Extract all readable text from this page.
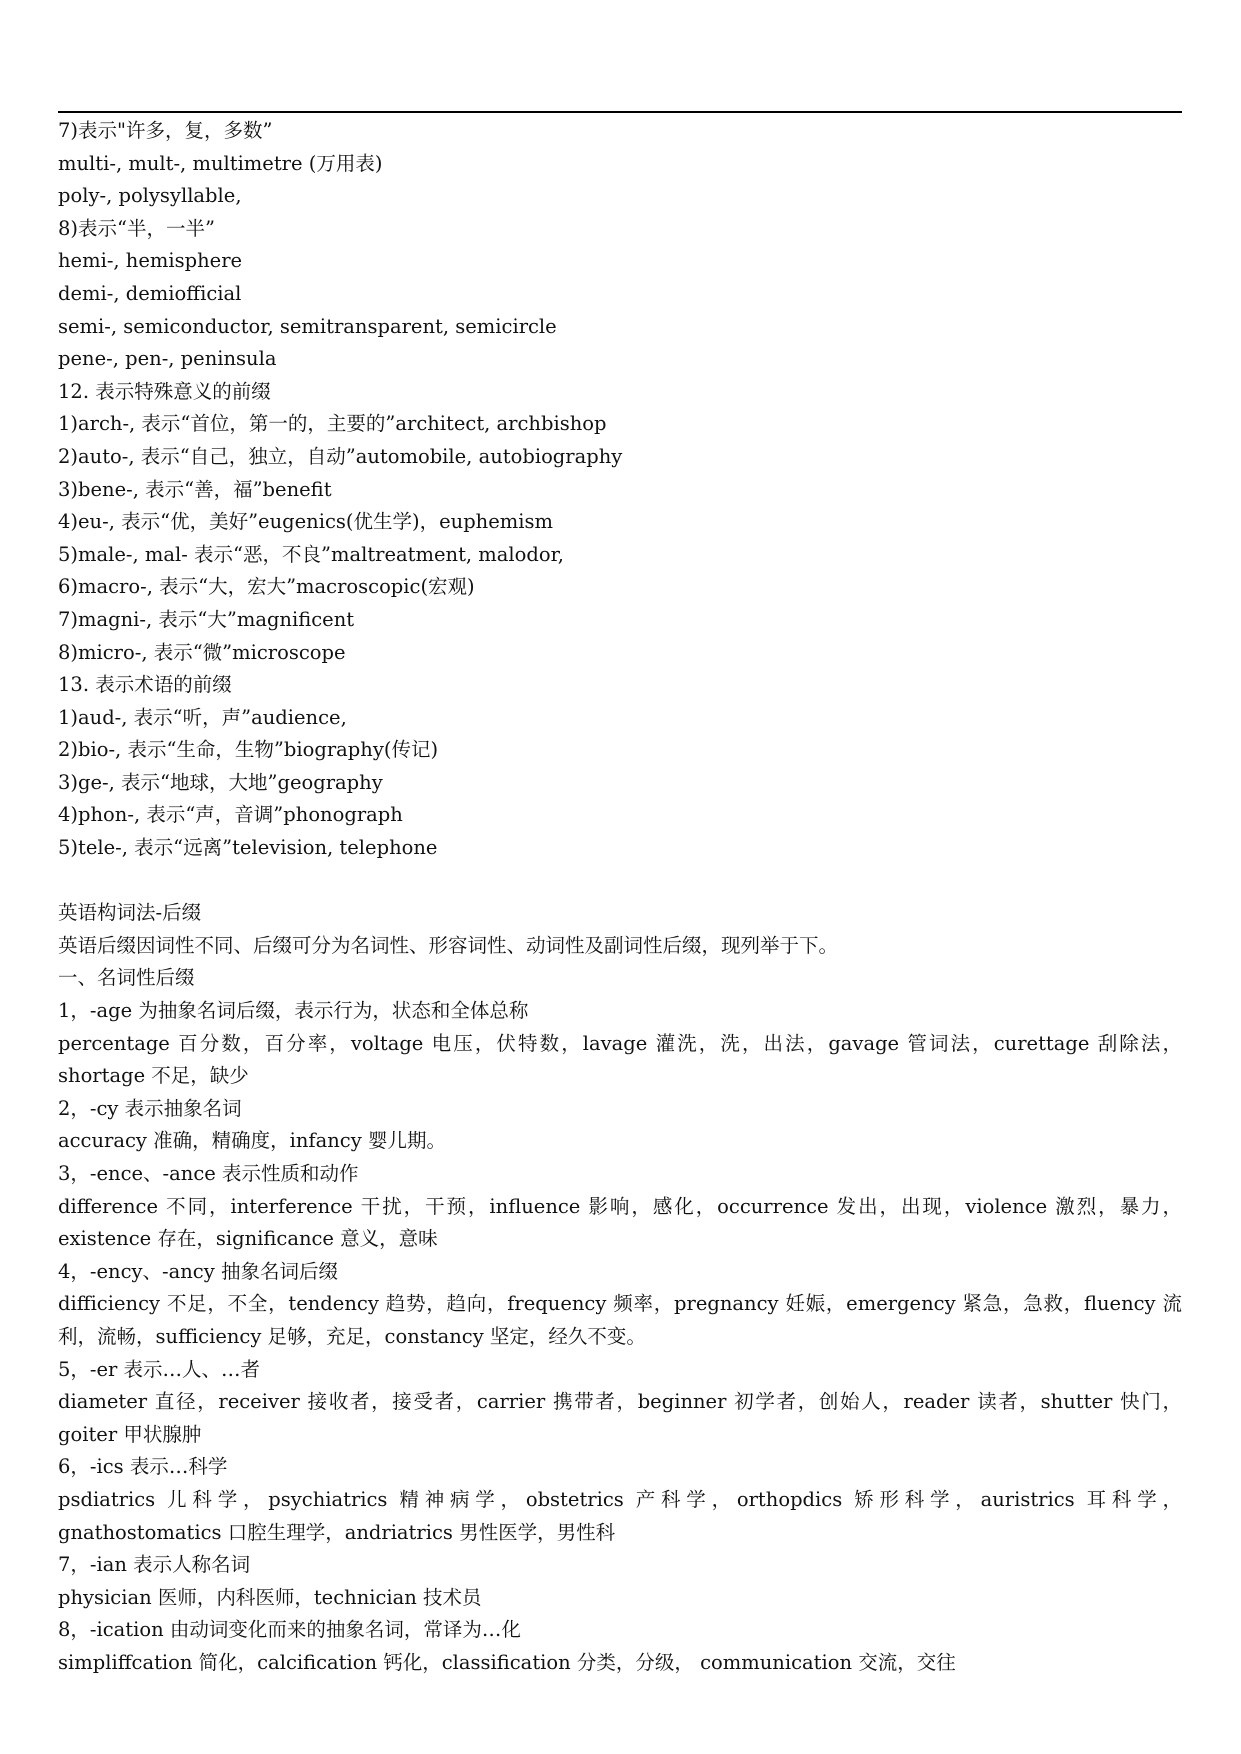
7)表示"许多，复，多数”
multi-, mult-, multimetre (万用表)
poly-, polysyllable,
8)表示“半，一半”
hemi-, hemisphere
demi-, demiofficial
semi-, semiconductor, semitransparent, semicircle
pene-, pen-, peninsula
12. 表示特殊意义的前缀
1)arch-, 表示“首位，第一的，主要的”architect, archbishop
2)auto-, 表示“自己，独立，自动”automobile, autobiography
3)bene-, 表示“善，福”benefit
4)eu-, 表示“优，美好”eugenics(优生学)，euphemism
5)male-, mal- 表示“恶，不良”maltreatment, malodor,
6)macro-, 表示“大，宏大”macroscopic(宏观)
7)magni-, 表示“大”magnificent
8)micro-, 表示“微”microscope
13. 表示术语的前缀
1)aud-, 表示“听，声”audience,
2)bio-, 表示“生命，生物”biography(传记)
3)ge-, 表示“地球，大地”geography
4)phon-, 表示“声，音调”phonograph
5)tele-, 表示“远离”television, telephone
英语构词法-后缀
英语后缀因词性不同、后缀可分为名词性、形容词性、动词性及副词性后缀，现列举于下。
一、名词性后缀
1，-age 为抽象名词后缀，表示行为，状态和全体总称
percentage 百分数，百分率，voltage 电压，伏特数，lavage 灌洗，洗，出法，gavage 管词法，curettage 刮除法，shortage 不足，缺少
2，-cy 表示抽象名词
accuracy 准确，精确度，infancy 婴儿期。
3，-ence、-ance 表示性质和动作
difference 不同，interference 干扰，干预，influence 影响，感化，occurrence 发出，出现，violence 激烈，暴力，existence 存在，significance 意义，意味
4，-ency、-ancy 抽象名词后缀
difficiency 不足，不全，tendency 趋势，趋向，frequency 频率，pregnancy 妊娠，emergency 紧急，急救，fluency 流利，流畅，sufficiency 足够，充足，constancy 坚定，经久不变。
5，-er 表示…人、…者
diameter 直径，receiver 接收者，接受者，carrier 携带者，beginner 初学者，创始人，reader 读者，shutter 快门，goiter 甲状腺肿
6，-ics 表示…科学
psdiatrics 儿科学，psychiatrics 精神病学，obstetrics 产科学，orthopdics 矫形科学，auristrics 耳科学，gnathostomatics 口腔生理学，andriatrics 男性医学，男性科
7，-ian 表示人称名词
physician 医师，内科医师，technician 技术员
8，-ication 由动词变化而来的抽象名词，常译为…化
simpliffcation 简化，calcification 钙化，classification 分类，分级， communication 交流，交往
